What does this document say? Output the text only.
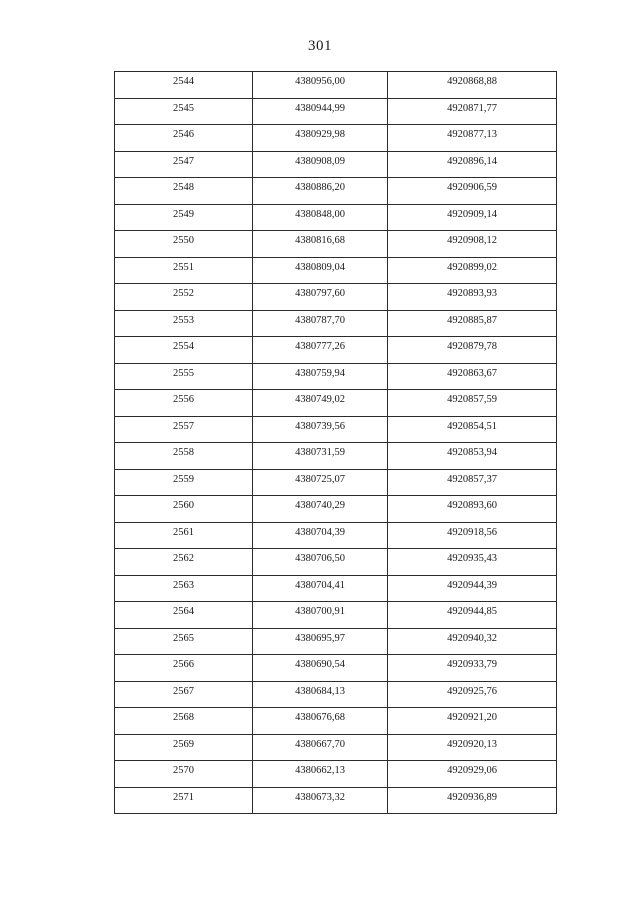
301
2544	4380956,00	4920868,88
2545	4380944,99	4920871,77
2546	4380929,98	4920877,13
2547	4380908,09	4920896,14
2548	4380886,20	4920906,59
2549	4380848,00	4920909,14
2550	4380816,68	4920908,12
2551	4380809,04	4920899,02
2552	4380797,60	4920893,93
2553	4380787,70	4920885,87
2554	4380777,26	4920879,78
2555	4380759,94	4920863,67
2556	4380749,02	4920857,59
2557	4380739,56	4920854,51
2558	4380731,59	4920853,94
2559	4380725,07	4920857,37
2560	4380740,29	4920893,60
2561	4380704,39	4920918,56
2562	4380706,50	4920935,43
2563	4380704,41	4920944,39
2564	4380700,91	4920944,85
2565	4380695,97	4920940,32
2566	4380690,54	4920933,79
2567	4380684,13	4920925,76
2568	4380676,68	4920921,20
2569	4380667,70	4920920,13
2570	4380662,13	4920929,06
2571	4380673,32	4920936,89
